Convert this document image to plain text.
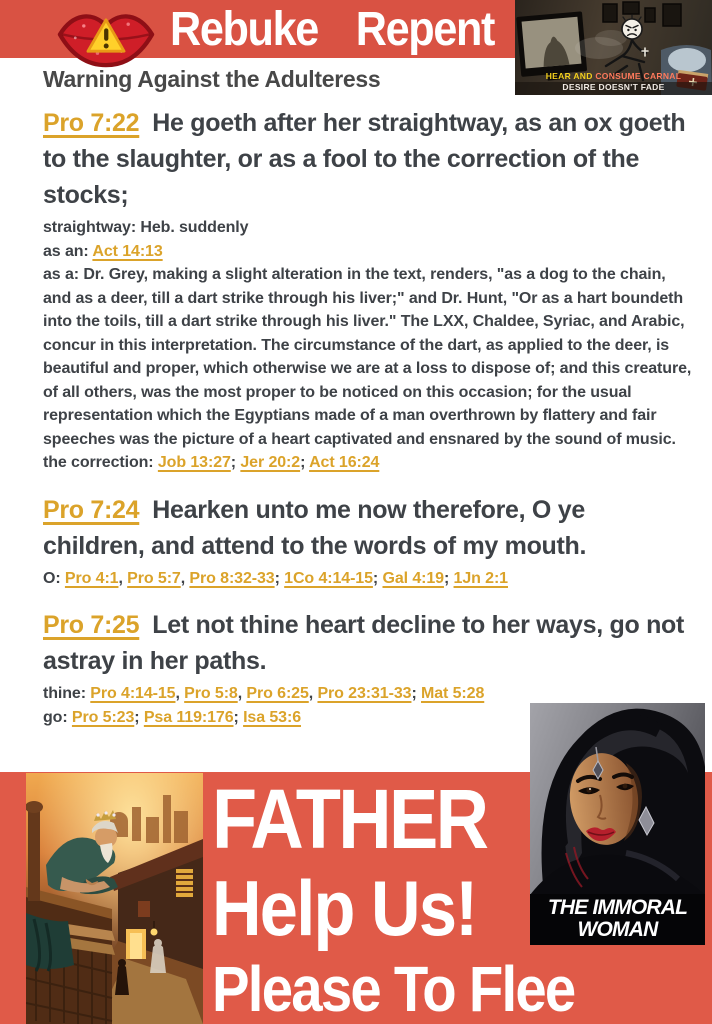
Rebuke Repent
HEAR AND CONSUME CARNAL
DESIRE DOESN'T FADE
Warning Against the Adulteress

Pro 7:22 He goeth after her straightway, as an ox goeth to the slaughter, or as a fool to the correction of the stocks;

straightway: Heb. suddenly

as an: Act 14:13

as a: Dr. Grey, making a slight alteration in the text, renders, "as a dog to the chain, and as a deer, till a dart strike through his liver;" and Dr. Hunt, "Or as a hart boundeth into the toils, till a dart strike through his liver." The LXX, Chaldee, Syriac, and Arabic, concur in this interpretation. The circumstance of the dart, as applied to the deer, is beautiful and proper, which otherwise we are at a loss to dispose of; and this creature, of all others, was the most proper to be noticed on this occasion; for the usual representation which the Egyptians made of a man overthrown by flattery and fair speeches was the picture of a heart captivated and ensnared by the sound of music.

the correction: Job 13:27; Jer 20:2; Act 16:24

Pro 7:24 Hearken unto me now therefore, O ye children, and attend to the words of my mouth.

O: Pro 4:1, Pro 5:7, Pro 8:32-33; 1Co 4:14-15; Gal 4:19; 1Jn 2:1

Pro 7:25 Let not thine heart decline to her ways, go not astray in her paths.

thine: Pro 4:14-15, Pro 5:8, Pro 6:25, Pro 23:31-33; Mat 5:28

go: Pro 5:23; Psa 119:176; Isa 53:6

FATHER
Help Us!
Please To Flee
THE IMMORAL
WOMAN
